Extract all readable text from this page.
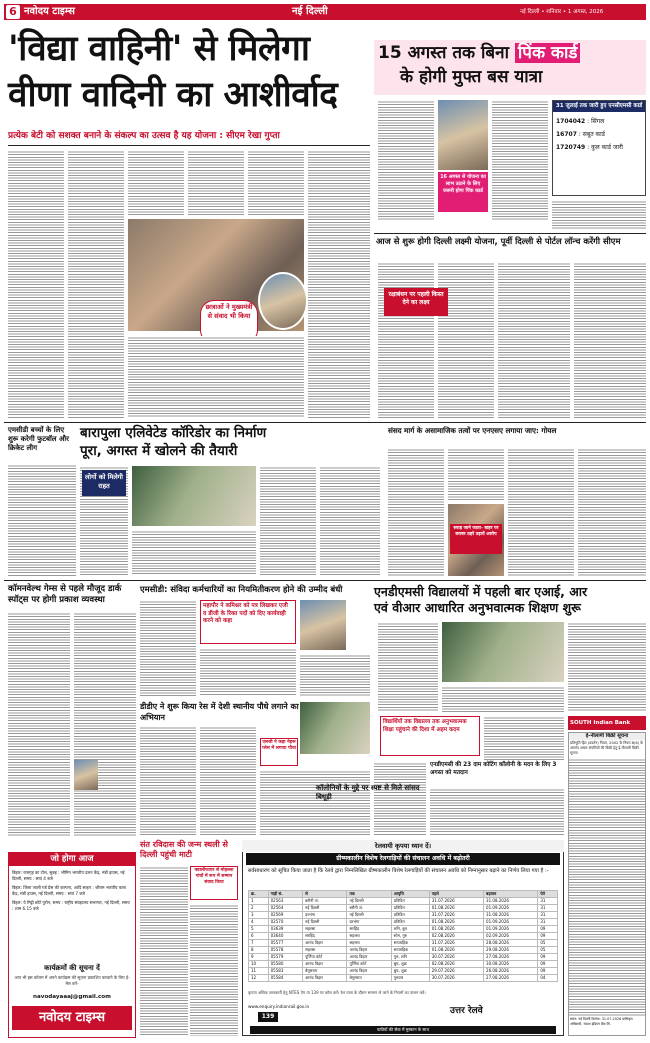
6 नवोदय टाइम्स	नई दिल्ली	नई दिल्ली • शनिवार • 1 अगस्त, 2026
'विद्या वाहिनी' से मिलेगा
वीणा वादिनी का आशीर्वाद
प्रत्येक बेटी को सशक्त बनाने के संकल्प का उत्सव है यह योजना : सीएम रेखा गुप्ता
छात्राओं ने मुख्यमंत्री से संवाद भी किया
15 अगस्त तक बिना पिंक कार्ड
के होगी मुफ्त बस यात्रा
16 अगस्त से योजना का लाभ उठाने के लिए जरूरी होगा पिंक कार्ड
31 जुलाई तक जारी हुए एनसीएमसी कार्ड
1704042 : सिंगल
16707 : सबूत कार्ड
1720749 : कुल कार्ड जारी
आज से शुरू होगी दिल्ली लक्ष्मी योजना, पूर्वी दिल्ली से पोर्टल लॉन्च करेंगी सीएम
रक्षाबंधन पर पहली किस्त देने का लक्ष्य
बारापुला एलिवेटेड कॉरिडोर का निर्माण
पूरा, अगस्त में खोलने की तैयारी
लोगों को मिलेगी राहत
एमसीडी बच्चों के लिए शुरू करेगी फुटबॉल और क्रिकेट लीग
संसद मार्ग के असामाजिक तत्वों पर एनएसए लगाया जाए: गोयल
सराह जाने जाता- बाहर पर बराबर ठहरे उड़ायें आरोप
कॉमनवेल्थ गेम्स से पहले मौजूद डार्क स्पॉट्स पर होगी प्रकाश व्यवस्था
जो होगा आज
बिहार: राजगृह का टोल, सुबह : भीमिन भारतीय दलन केंद्र, मंडी हाउस, नई दिल्ली, समय : सायं 4 बजे
बिहार: जिला जाली गर्ड प्रेस की कल्पना, आदि साहन : श्रीराम भारतीय कला केंद्र, मंडी हाउस, नई दिल्ली, समय : सायं 7 बजे
बिहार: ये मिट्टी छोटे पुरोन, समय : राष्ट्रीय संग्रहालय सभागार, नई दिल्ली, समय : शाम 6.15 बजे
कार्यक्रमों की सूचना दें
आप भी इस कॉलम में अपने कार्यक्रम की सूचना प्रकाशित करवाने के लिए ई-मेल करें-
navodayaaaj@gmail.com
नवोदय टाइम्स
एमसीडी: संविदा कर्मचारियों का नियमितीकरण होने की उम्मीद बंधी
महापौर ने कमिश्नर को पत्र लिखकर एजी व डीजी के रिक्त पदों को दिए कार्यवाही करने को कहा
डीडीए ने शुरू किया रेस में देशी स्थानीय पौधे लगाने का अभियान
एलजी ने कहा नेहरू प्लेस में लगाया पौधा
एनडीएमसी विद्यालयों में पहली बार एआई, आर
एवं वीआर आधारित अनुभवात्मक शिक्षण शुरू
विद्यार्थियों तक विद्यालय तक अनुभवात्मक शिक्षा पहुंचाने की दिशा में अहम कदम
एनडीएमसी की 23 दाम कोटिंग कॉलोनी के मदन के लिए 3 अगस्त को मतदान
कॉलोनियों के मुद्दे पर स्पष्ट से मिले सांसद बिधूड़ी
SOUTH Indian Bank
ई-नीलामी बिक्री सूचना
प्रतिभूति हित (प्रवर्तन) नियम, 2002 के नियम 8(6) के अंतर्गत अचल संपत्तियों की बिक्री हेतु ई-नीलामी बिक्री सूचना
स्थान: नई दिल्ली दिनांक: 31.07.2026 प्राधिकृत अधिकारी, साउथ इंडियन बैंक लि.
संत रविदास की जन्म स्थली से दिल्ली पहुंची माटी
क्वालीफायर से मोहल्ला गांवों में रूप में सम्मान संवाद किया
रेलवायी कृपया ध्यान दें।
ग्रीष्मकालीन विशेष रेलगाड़ियों की संचालन अवधि में बढ़ोतरी
सर्वसाधारण को सूचित किया जाता है कि रेलवे द्वारा निम्नलिखित ग्रीष्मकालीन विशेष रेलगाड़ियों की संचालन अवधि को निम्नानुसार बढ़ाने का निर्णय लिया गया है :-
क्र.	गाड़ी सं.	से	तक	आवृत्ति	पहले	बढ़ाकर	फेरे
1	02563	बरौनी जं.	नई दिल्ली	प्रतिदिन	31.07.2026	31.08.2026	31
2	02564	नई दिल्ली	बरौनी जं.	प्रतिदिन	01.08.2026	01.09.2026	31
3	02569	दरभंगा	नई दिल्ली	प्रतिदिन	31.07.2026	31.08.2026	31
4	02570	नई दिल्ली	दरभंगा	प्रतिदिन	01.08.2026	01.09.2026	31
5	03639	सहरसा	सरहिंद	शनि, बुध	01.08.2026	01.09.2026	09
6	03640	सरहिंद	सहरसा	सोम, गुरु	02.08.2026	02.09.2026	09
7	05577	आनंद विहार	सहरसा	साप्ताहिक	31.07.2026	28.08.2026	05
8	05578	सहरसा	आनंद विहार	साप्ताहिक	01.08.2026	29.08.2026	05
9	05579	पूर्णिया कोर्ट	आनंद विहार	गुरु, शनि	30.07.2026	27.08.2026	09
10	05580	आनंद विहार	पूर्णिया कोर्ट	बुध, शुक्र	02.08.2026	30.08.2026	09
11	05583	बेगूसराय	आनंद विहार	बुध, शुक्र	29.07.2026	26.08.2026	09
12	05584	आनंद विहार	बेगूसराय	गुरुवार	30.07.2026	27.08.2026	04
कृपया अधिक जानकारी हेतु NTES ऐप या 139 पर कॉल करें। रेल यात्रा के दौरान सामान ले जाने के नियमों का पालन करें।
www.enquiry.indianrail.gov.in
139
उत्तर रेलवे
यात्रियों की सेवा में मुस्कान के साथ
